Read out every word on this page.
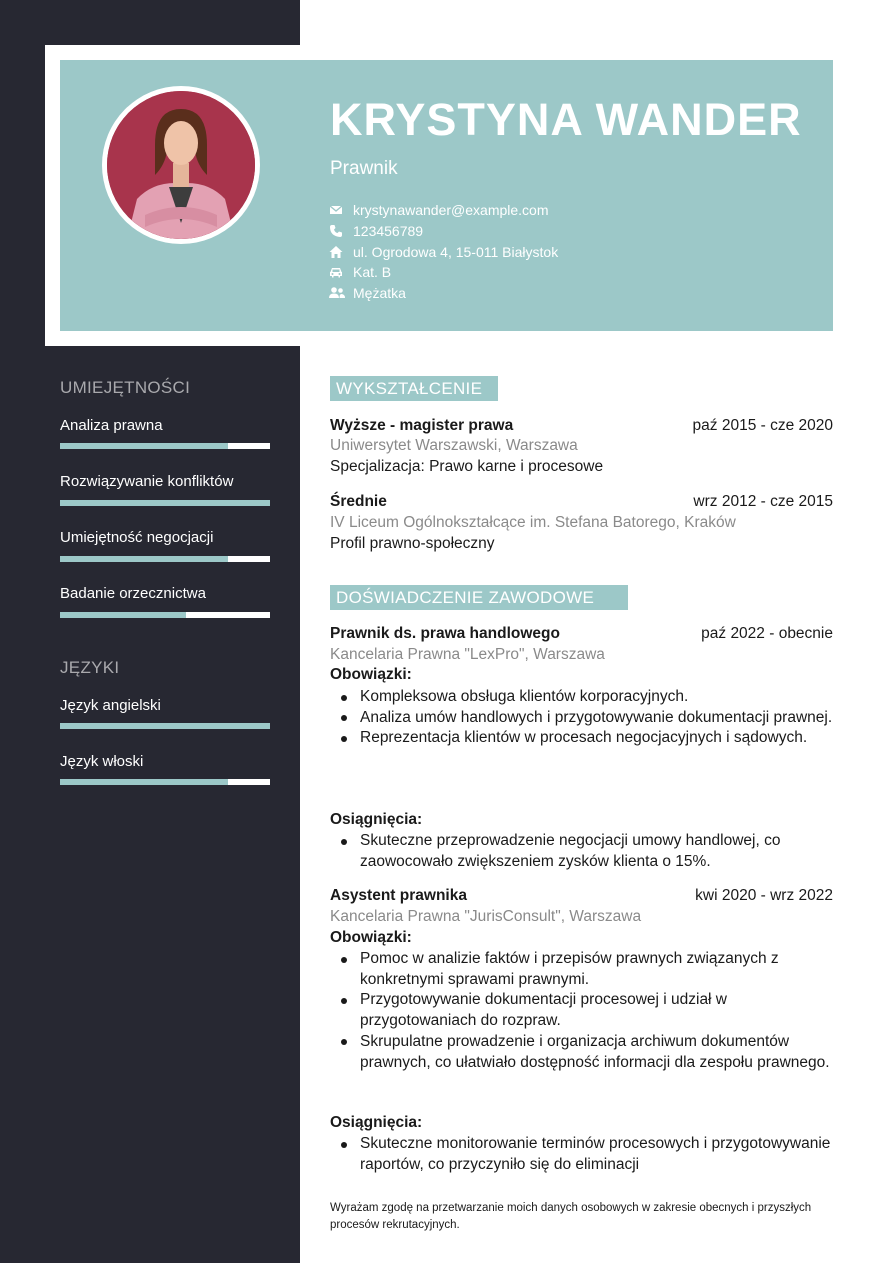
KRYSTYNA WANDER
Prawnik
krystynawander@example.com
123456789
ul. Ogrodowa 4, 15-011 Białystok
Kat. B
Mężatka
UMIEJĘTNOŚCI
Analiza prawna
Rozwiązywanie konfliktów
Umiejętność negocjacji
Badanie orzecznictwa
JĘZYKI
Język angielski
Język włoski
WYKSZTAŁCENIE
Wyższe - magister prawa	paź 2015 - cze 2020
Uniwersytet Warszawski, Warszawa
Specjalizacja: Prawo karne i procesowe
Średnie	wrz 2012 - cze 2015
IV Liceum Ogólnokształcące im. Stefana Batorego, Kraków
Profil prawno-społeczny
DOŚWIADCZENIE ZAWODOWE
Prawnik ds. prawa handlowego	paź 2022 - obecnie
Kancelaria Prawna "LexPro", Warszawa
Obowiązki:
Kompleksowa obsługa klientów korporacyjnych.
Analiza umów handlowych i przygotowywanie dokumentacji prawnej.
Reprezentacja klientów w procesach negocjacyjnych i sądowych.
Osiągnięcia:
Skuteczne przeprowadzenie negocjacji umowy handlowej, co zaowocowało zwiększeniem zysków klienta o 15%.
Asystent prawnika	kwi 2020 - wrz 2022
Kancelaria Prawna "JurisConsult", Warszawa
Obowiązki:
Pomoc w analizie faktów i przepisów prawnych związanych z konkretnymi sprawami prawnymi.
Przygotowywanie dokumentacji procesowej i udział w przygotowaniach do rozpraw.
Skrupulatne prowadzenie i organizacja archiwum dokumentów prawnych, co ułatwiało dostępność informacji dla zespołu prawnego.
Osiągnięcia:
Skuteczne monitorowanie terminów procesowych i przygotowywanie raportów, co przyczyniło się do eliminacji
Wyrażam zgodę na przetwarzanie moich danych osobowych w zakresie obecnych i przyszłych procesów rekrutacyjnych.
